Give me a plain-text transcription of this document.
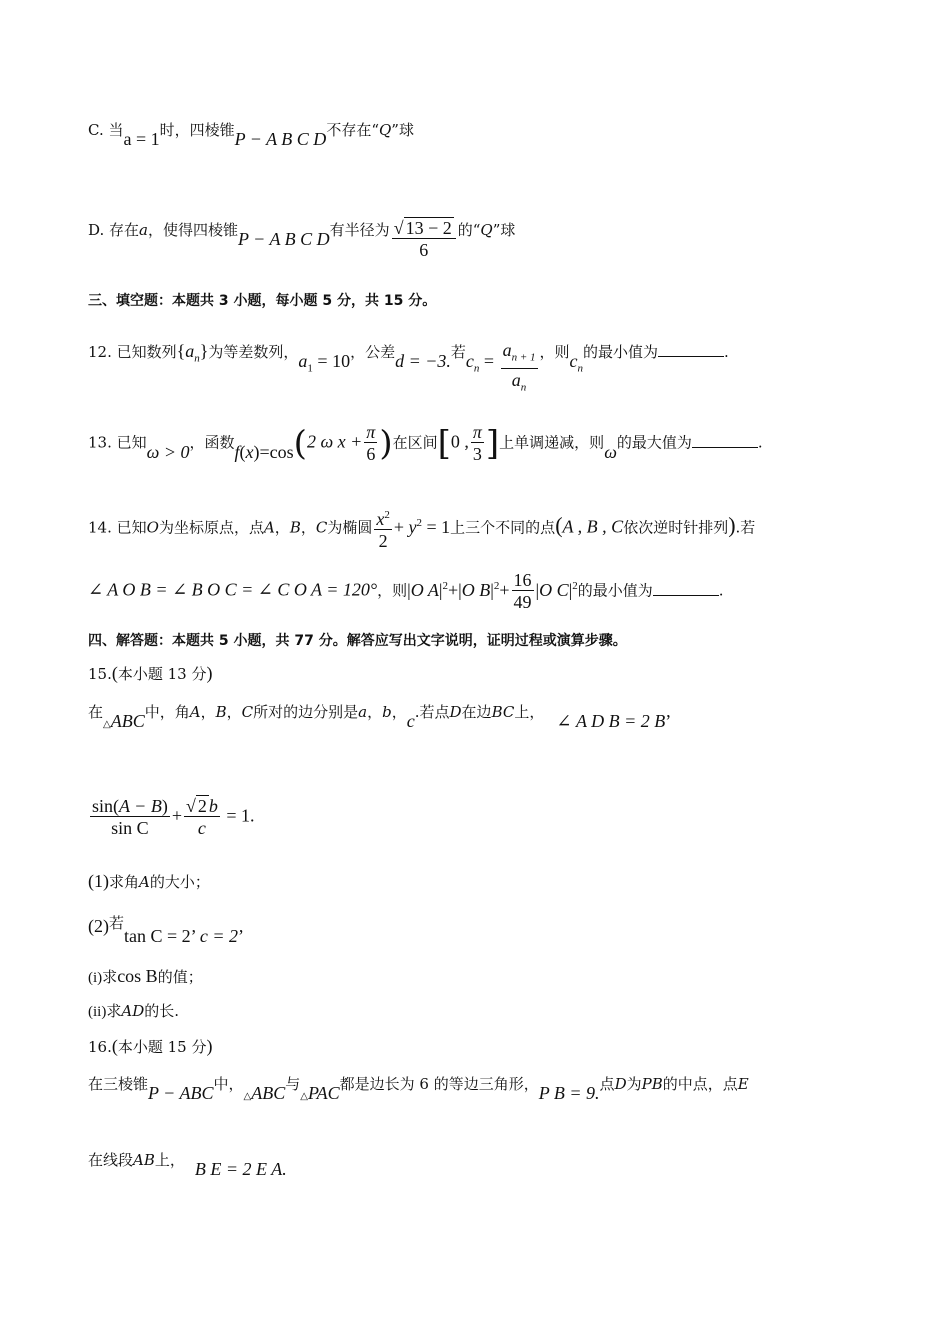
C. 当a = 1时，四棱锥P − A B C D不存在“Q”球
D. 存在a，使得四棱锥P − A B C D有半径为 $\frac{√ 13 - 2}{6}$ 的“Q”球
三、填空题：本题共 3 小题，每小题 5 分，共 15 分。
12. 已知数列$\{a_n\}$为等差数列，$a_1 = 10$，公差d = −3.若$c_n = \frac{a_{n + 1}}{a_n}$ ，则$c_n$的最小值为	.
13. 已知ω > 0，函数f(x)=cos(2 ω $x + \frac{\pi}{6}$ )在区间[0 , $\frac{\pi}{3}$ ]上单调递减，则ω的最大值为	.
14. 已知O为坐标原点，点A，B，C为椭圆 $\frac{x^2}{2} + y^2 = 1$上三个不同的点(A , B , C依次逆时针排列).若
∠ A O B = ∠ B O C = ∠ C O A = 120°，则|O $A|^2+|O$ $B|^2+ \frac{16}{49} |O$ $C|^2$的最小值为	.
四、解答题：本题共 5 小题，共 77 分。解答应写出文字说明，证明过程或演算步骤。
15.(本小题 13 分)
在△ABC中，角A，B，C所对的边分别是a，b，c.若点D在边BC上， ∠ A D B = 2 B’
$\frac{\sin(A - B)}{\text{sin C}} + \frac{√ 2 b}{c} = 1$.
(1)求角A的大小；
(2)若tan C = 2’ c = 2’
(i)求cos B的值；
(ii)求AD的长.
16.(本小题 15 分)
在三棱锥P − ABC中，△ABC与△PAC都是边长为 6 的等边三角形，P B = 9.点D为PB的中点，点E
在线段AB上， B E = 2 E A.
